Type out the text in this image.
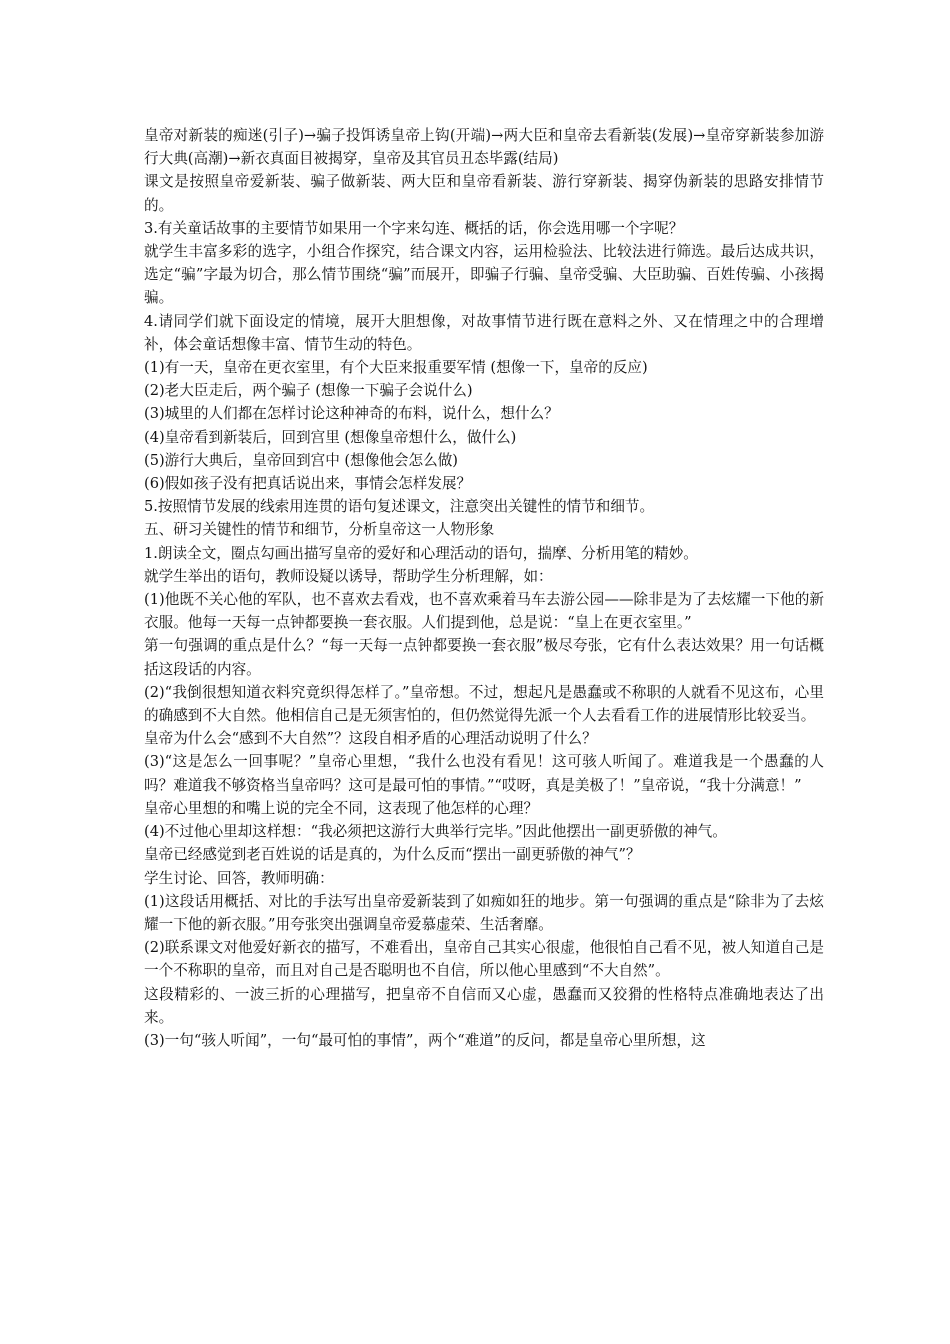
皇帝对新装的痴迷(引子)→骗子投饵诱皇帝上钩(开端)→两大臣和皇帝去看新装(发展)→皇帝穿新装参加游行大典(高潮)→新衣真面目被揭穿，皇帝及其官员丑态毕露(结局)

课文是按照皇帝爱新装、骗子做新装、两大臣和皇帝看新装、游行穿新装、揭穿伪新装的思路安排情节的。

3.有关童话故事的主要情节如果用一个字来勾连、概括的话，你会选用哪一个字呢？

就学生丰富多彩的选字，小组合作探究，结合课文内容，运用检验法、比较法进行筛选。最后达成共识，选定“骗”字最为切合，那么情节围绕“骗”而展开，即骗子行骗、皇帝受骗、大臣助骗、百姓传骗、小孩揭骗。

4.请同学们就下面设定的情境，展开大胆想像，对故事情节进行既在意料之外、又在情理之中的合理增补，体会童话想像丰富、情节生动的特色。

(1)有一天，皇帝在更衣室里，有个大臣来报重要军情 (想像一下，皇帝的反应)

(2)老大臣走后，两个骗子 (想像一下骗子会说什么)

(3)城里的人们都在怎样讨论这种神奇的布料，说什么，想什么？

(4)皇帝看到新装后，回到宫里 (想像皇帝想什么，做什么)

(5)游行大典后，皇帝回到宫中 (想像他会怎么做)

(6)假如孩子没有把真话说出来，事情会怎样发展？

5.按照情节发展的线索用连贯的语句复述课文，注意突出关键性的情节和细节。

五、研习关键性的情节和细节，分析皇帝这一人物形象

1.朗读全文，圈点勾画出描写皇帝的爱好和心理活动的语句，揣摩、分析用笔的精妙。

就学生举出的语句，教师设疑以诱导，帮助学生分析理解，如：

(1)他既不关心他的军队，也不喜欢去看戏，也不喜欢乘着马车去游公园——除非是为了去炫耀一下他的新衣服。他每一天每一点钟都要换一套衣服。人们提到他，总是说：“皇上在更衣室里。”

第一句强调的重点是什么？“每一天每一点钟都要换一套衣服”极尽夸张，它有什么表达效果？用一句话概括这段话的内容。

(2)“我倒很想知道衣料究竟织得怎样了。”皇帝想。不过，想起凡是愚蠢或不称职的人就看不见这布，心里的确感到不大自然。他相信自己是无须害怕的，但仍然觉得先派一个人去看看工作的进展情形比较妥当。

皇帝为什么会“感到不大自然”？这段自相矛盾的心理活动说明了什么？

(3)“这是怎么一回事呢？”皇帝心里想，“我什么也没有看见！这可骇人听闻了。难道我是一个愚蠢的人吗？难道我不够资格当皇帝吗？这可是最可怕的事情。”“哎呀，真是美极了！”皇帝说，“我十分满意！”

皇帝心里想的和嘴上说的完全不同，这表现了他怎样的心理？

(4)不过他心里却这样想：“我必须把这游行大典举行完毕。”因此他摆出一副更骄傲的神气。

皇帝已经感觉到老百姓说的话是真的，为什么反而“摆出一副更骄傲的神气”？

学生讨论、回答，教师明确：

(1)这段话用概括、对比的手法写出皇帝爱新装到了如痴如狂的地步。第一句强调的重点是“除非为了去炫耀一下他的新衣服。”用夸张突出强调皇帝爱慕虚荣、生活奢靡。

(2)联系课文对他爱好新衣的描写，不难看出，皇帝自己其实心很虚，他很怕自己看不见，被人知道自己是一个不称职的皇帝，而且对自己是否聪明也不自信，所以他心里感到“不大自然”。

这段精彩的、一波三折的心理描写，把皇帝不自信而又心虚，愚蠢而又狡猾的性格特点准确地表达了出来。

(3)一句“骇人听闻”，一句“最可怕的事情”，两个“难道”的反问，都是皇帝心里所想，这
